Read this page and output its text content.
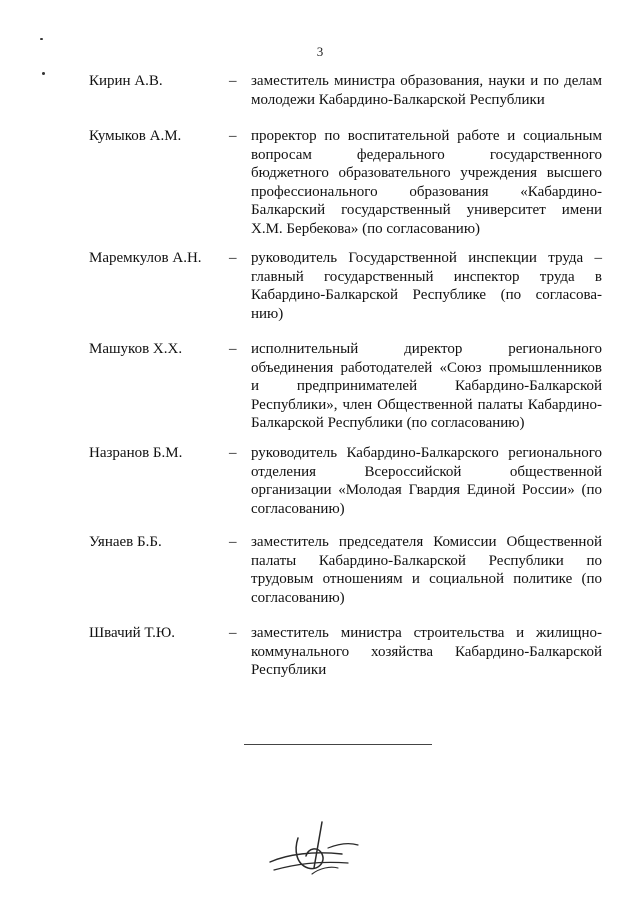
3
Кирин А.В.	– заместитель министра образования, науки и по делам
молодежи Кабардино-Балкарской Республики
Кумыков А.М.	– проректор по воспитательной работе и социальным
вопросам федерального государственного
бюджетного образовательного учреждения высшего
профессионального образования «Кабардино-
Балкарский государственный университет имени
Х.М. Бербекова» (по согласованию)
Маремкулов А.Н. – руководитель Государственной инспекции труда –
главный государственный инспектор труда в
Кабардино-Балкарской Республике (по согласова-
нию)
Машуков Х.Х.	– исполнительный директор регионального
объединения работодателей «Союз промышленников
и предпринимателей Кабардино-Балкарской
Республики», член Общественной палаты Кабардино-
Балкарской Республики (по согласованию)
Назранов Б.М.	– руководитель Кабардино-Балкарского регионального
отделения Всероссийской общественной
организации «Молодая Гвардия Единой России» (по
согласованию)
Уянаев Б.Б.	– заместитель председателя Комиссии Общественной
палаты Кабардино-Балкарской Республики по
трудовым отношениям и социальной политике (по
согласованию)
Швачий Т.Ю.	– заместитель министра строительства и жилищно-
коммунального хозяйства Кабардино-Балкарской
Республики
